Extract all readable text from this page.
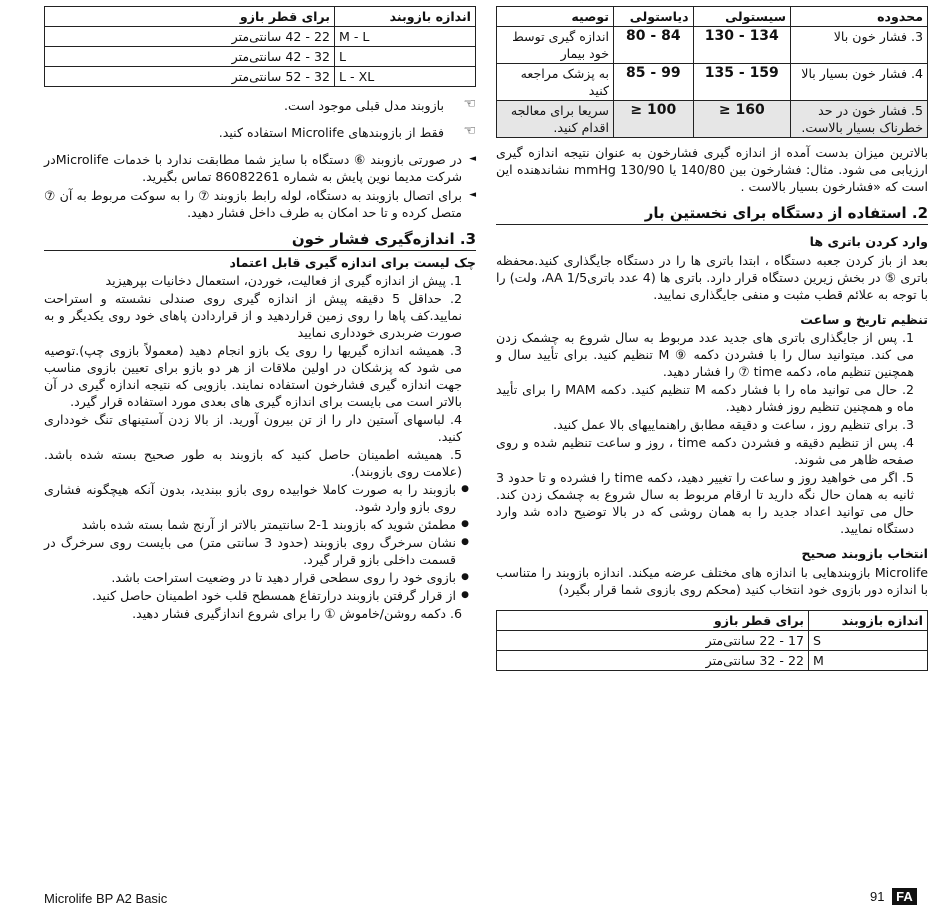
محدوده	سیستولی	دیاستولی	توصیه
3. فشار خون بالا	130 - 134	80 - 84	اندازه گیری توسط خود بیمار
4. فشار خون بسیار بالا	135 - 159	85 - 99	به پزشک مراجعه کنید
5. فشار خون در حد خطرناک بسیار بالاست.	≥ 160	≥ 100	سریعا برای معالجه اقدام کنید.

بالاترین میزان بدست آمده از اندازه گیری فشارخون به عنوان نتیجه اندازه گیری ارزیابی می شود. مثال: فشارخون بین 140/80 یا 130/90 mmHg نشاندهنده این است که «فشارخون بسیار بالاست .

2. استفاده از دستگاه برای نخستین بار
وارد کردن باتری ها

بعد از باز کردن جعبه دستگاه ، ابتدا باتری ها را در دستگاه جایگذاری کنید.محفظه باتری ⑤ در بخش زیرین دستگاه قرار دارد. باتری ها (4 عدد باتری1/5 AA، ولت) را با توجه به علائم قطب مثبت و منفی جایگذاری نمایید.

تنظیم تاریخ و ساعت
1. پس از جایگذاری باتری های جدید عدد مربوط به سال شروع به چشمک زدن می کند. میتوانید سال را با فشردن دکمه ⑨ M تنظیم کنید. برای تأیید سال و همچنین تنظیم ماه، دکمه time ⑦ را فشار دهید.
2. حال می توانید ماه را با فشار دکمه M تنظیم کنید. دکمه MAM را برای تأیید ماه و همچنین تنظیم روز فشار دهید.
3. برای تنظیم روز ، ساعت و دقیقه مطابق راهنماییهای بالا عمل کنید.
4. پس از تنظیم دقیقه و فشردن دکمه time ، روز و ساعت تنظیم شده و روی صفحه ظاهر می شوند.
5. اگر می خواهید روز و ساعت را تغییر دهید، دکمه time را فشرده و تا حدود 3 ثانیه به همان حال نگه دارید تا ارقام مربوط به سال شروع به چشمک زدن کند. حال می توانید اعداد جدید را به همان روشی که در بالا توضیح داده شد وارد دستگاه نمایید.
انتخاب بازوبند صحیح

Microlife بازوبندهایی با اندازه های مختلف عرضه میکند. اندازه بازوبند را متناسب با اندازه دور بازوی خود انتخاب کنید (محکم روی بازوی شما قرار بگیرد)

اندازه بازوبند	برای قطر بازو
S	17 - 22 سانتی‌متر
M	22 - 32 سانتی‌متر
اندازه بازوبند	برای قطر بازو
M - L	22 - 42 سانتی‌متر
L	32 - 42 سانتی‌متر
L - XL	32 - 52 سانتی‌متر
☜
بازوبند مدل قبلی موجود است.
☜
فقط از بازوبندهای Microlife استفاده کنید.
◄ در صورتی بازوبند ⑥ دستگاه با سایز شما مطابقت ندارد با خدمات Microlifeدر شرکت مدیما نوین پایش به شماره 86082261 تماس بگیرید.
◄ برای اتصال بازوبند به دستگاه، لوله رابط بازوبند ⑦ را به سوکت مربوط به آن ⑦ متصل کرده و تا حد امکان به طرف داخل فشار دهید.
3. اندازه‌گیری فشار خون
چک لیست برای اندازه گیری قابل اعتماد
1. پیش از اندازه گیری از فعالیت، خوردن، استعمال دخانیات بپرهیزید
2. حداقل 5 دقیقه پیش از اندازه گیری روی صندلی نشسته و استراحت نمایید.کف پاها را روی زمین قراردهید و از قراردادن پاهای خود روی یکدیگر و به صورت ضربدری خودداری نمایید
3. همیشه اندازه گیریها را روی یک بازو انجام دهید (معمولاً بازوی چپ).توصیه می شود که پزشکان در اولین ملاقات از هر دو بازو برای تعیین بازوی مناسب جهت اندازه گیری فشارخون استفاده نمایند. بازویی که نتیجه اندازه گیری در آن بالاتر است می بایست برای اندازه گیری های بعدی مورد استفاده قرار گیرد.
4. لباسهای آستین دار را از تن بیرون آورید. از بالا زدن آستینهای تنگ خودداری کنید.
5. همیشه اطمینان حاصل کنید که بازوبند به طور صحیح بسته شده باشد. (علامت روی بازوبند).
● بازوبند را به صورت کاملا خوابیده روی بازو ببندید، بدون آنکه هیچگونه فشاری روی بازو وارد شود.
● مطمئن شوید که بازوبند 1-2 سانتیمتر بالاتر از آرنج شما بسته شده باشد
● نشان سرخرگ روی بازوبند (حدود 3 سانتی متر) می بایست روی سرخرگ در قسمت داخلی بازو قرار گیرد.
● بازوی خود را روی سطحی قرار دهید تا در وضعیت استراحت باشد.
● از قرار گرفتن بازوبند درارتفاع همسطح قلب خود اطمینان حاصل کنید.
6. دکمه روشن/خاموش ① را برای شروع اندازگیری فشار دهید.
Microlife BP A2 Basic	91 FA
